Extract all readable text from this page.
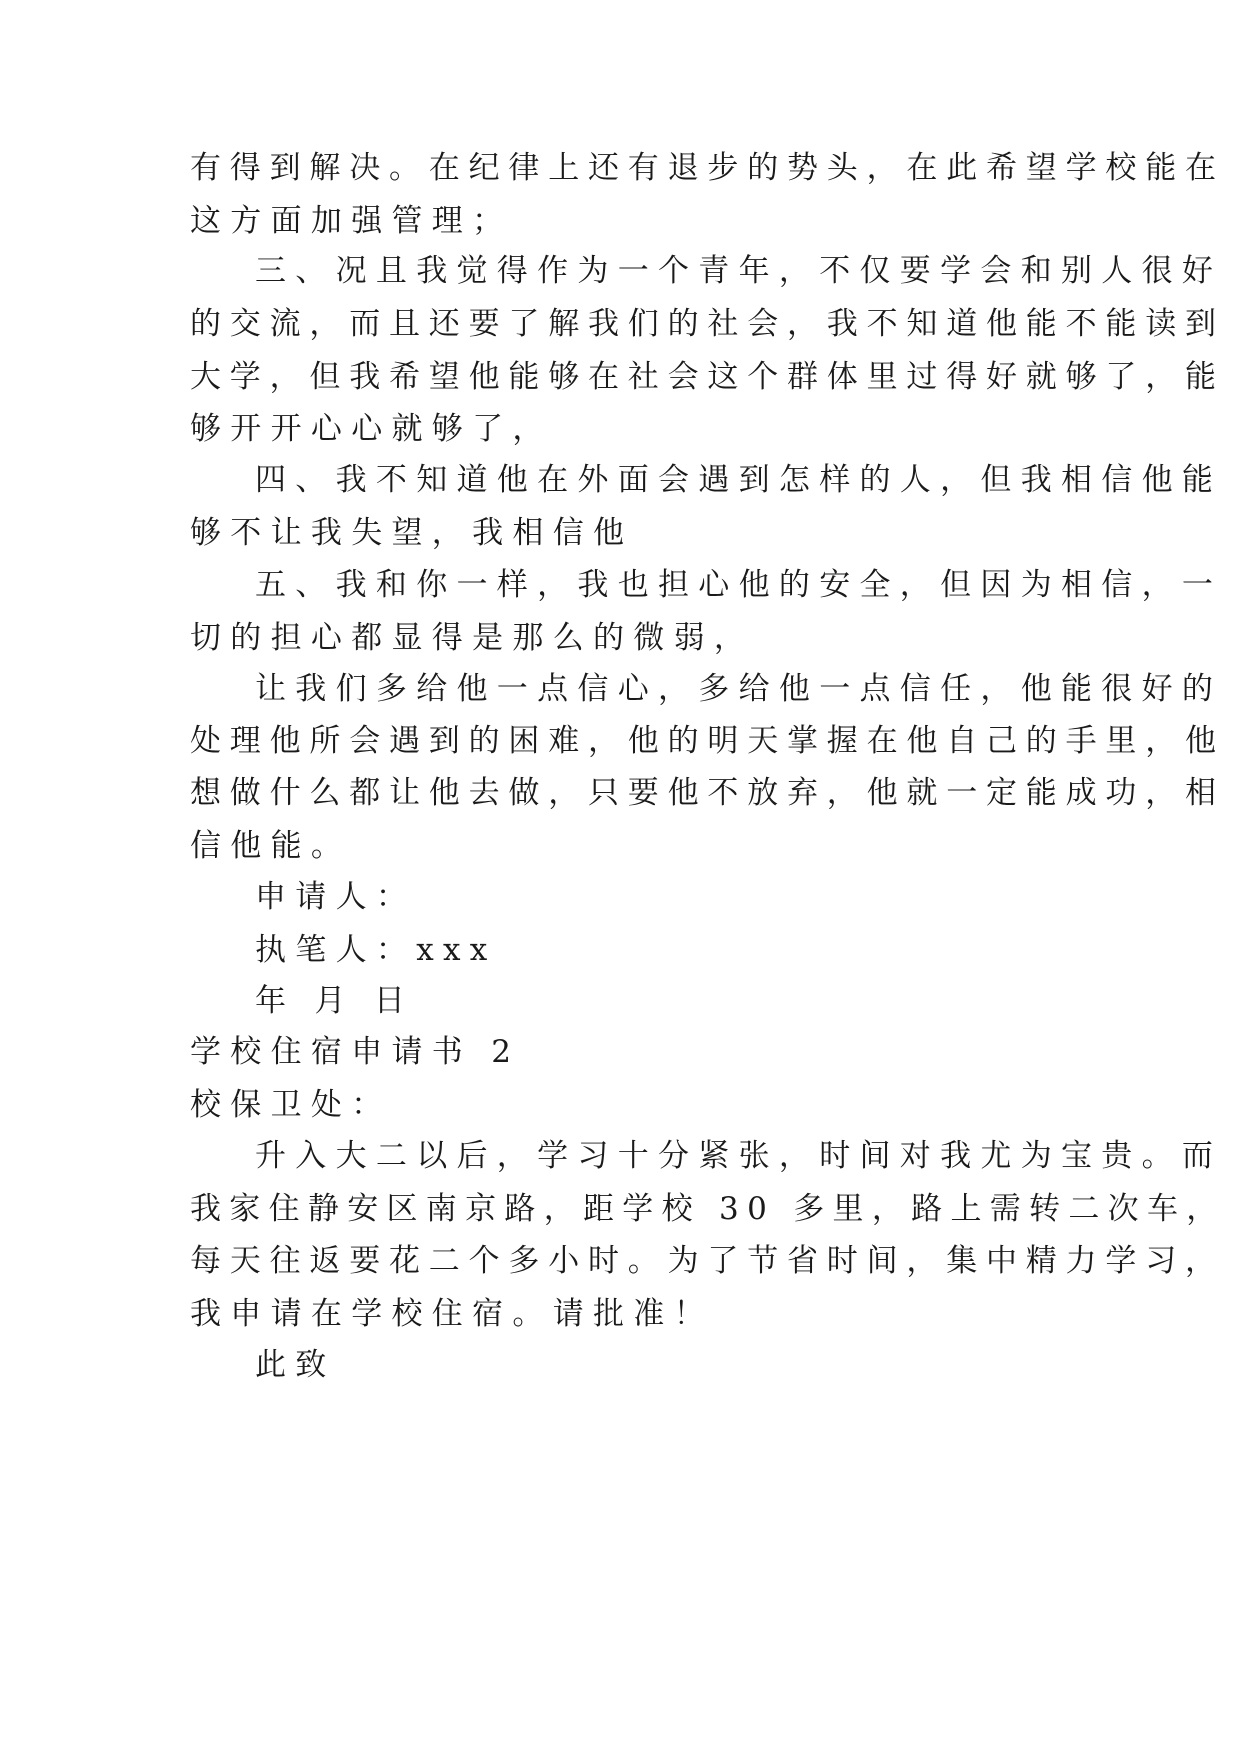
有得到解决。在纪律上还有退步的势头，在此希望学校能在
这方面加强管理；
三、况且我觉得作为一个青年，不仅要学会和别人很好
的交流，而且还要了解我们的社会，我不知道他能不能读到
大学，但我希望他能够在社会这个群体里过得好就够了，能
够开开心心就够了，
四、我不知道他在外面会遇到怎样的人，但我相信他能
够不让我失望，我相信他
五、我和你一样，我也担心他的安全，但因为相信，一
切的担心都显得是那么的微弱，
让我们多给他一点信心，多给他一点信任，他能很好的
处理他所会遇到的困难，他的明天掌握在他自己的手里，他
想做什么都让他去做，只要他不放弃，他就一定能成功，相
信他能。
申请人：
执笔人：xxx
年 月 日
学校住宿申请书 2
校保卫处：
升入大二以后，学习十分紧张，时间对我尤为宝贵。而
我家住静安区南京路，距学校 30 多里，路上需转二次车，
每天往返要花二个多小时。为了节省时间，集中精力学习，
我申请在学校住宿。请批准！
此致
